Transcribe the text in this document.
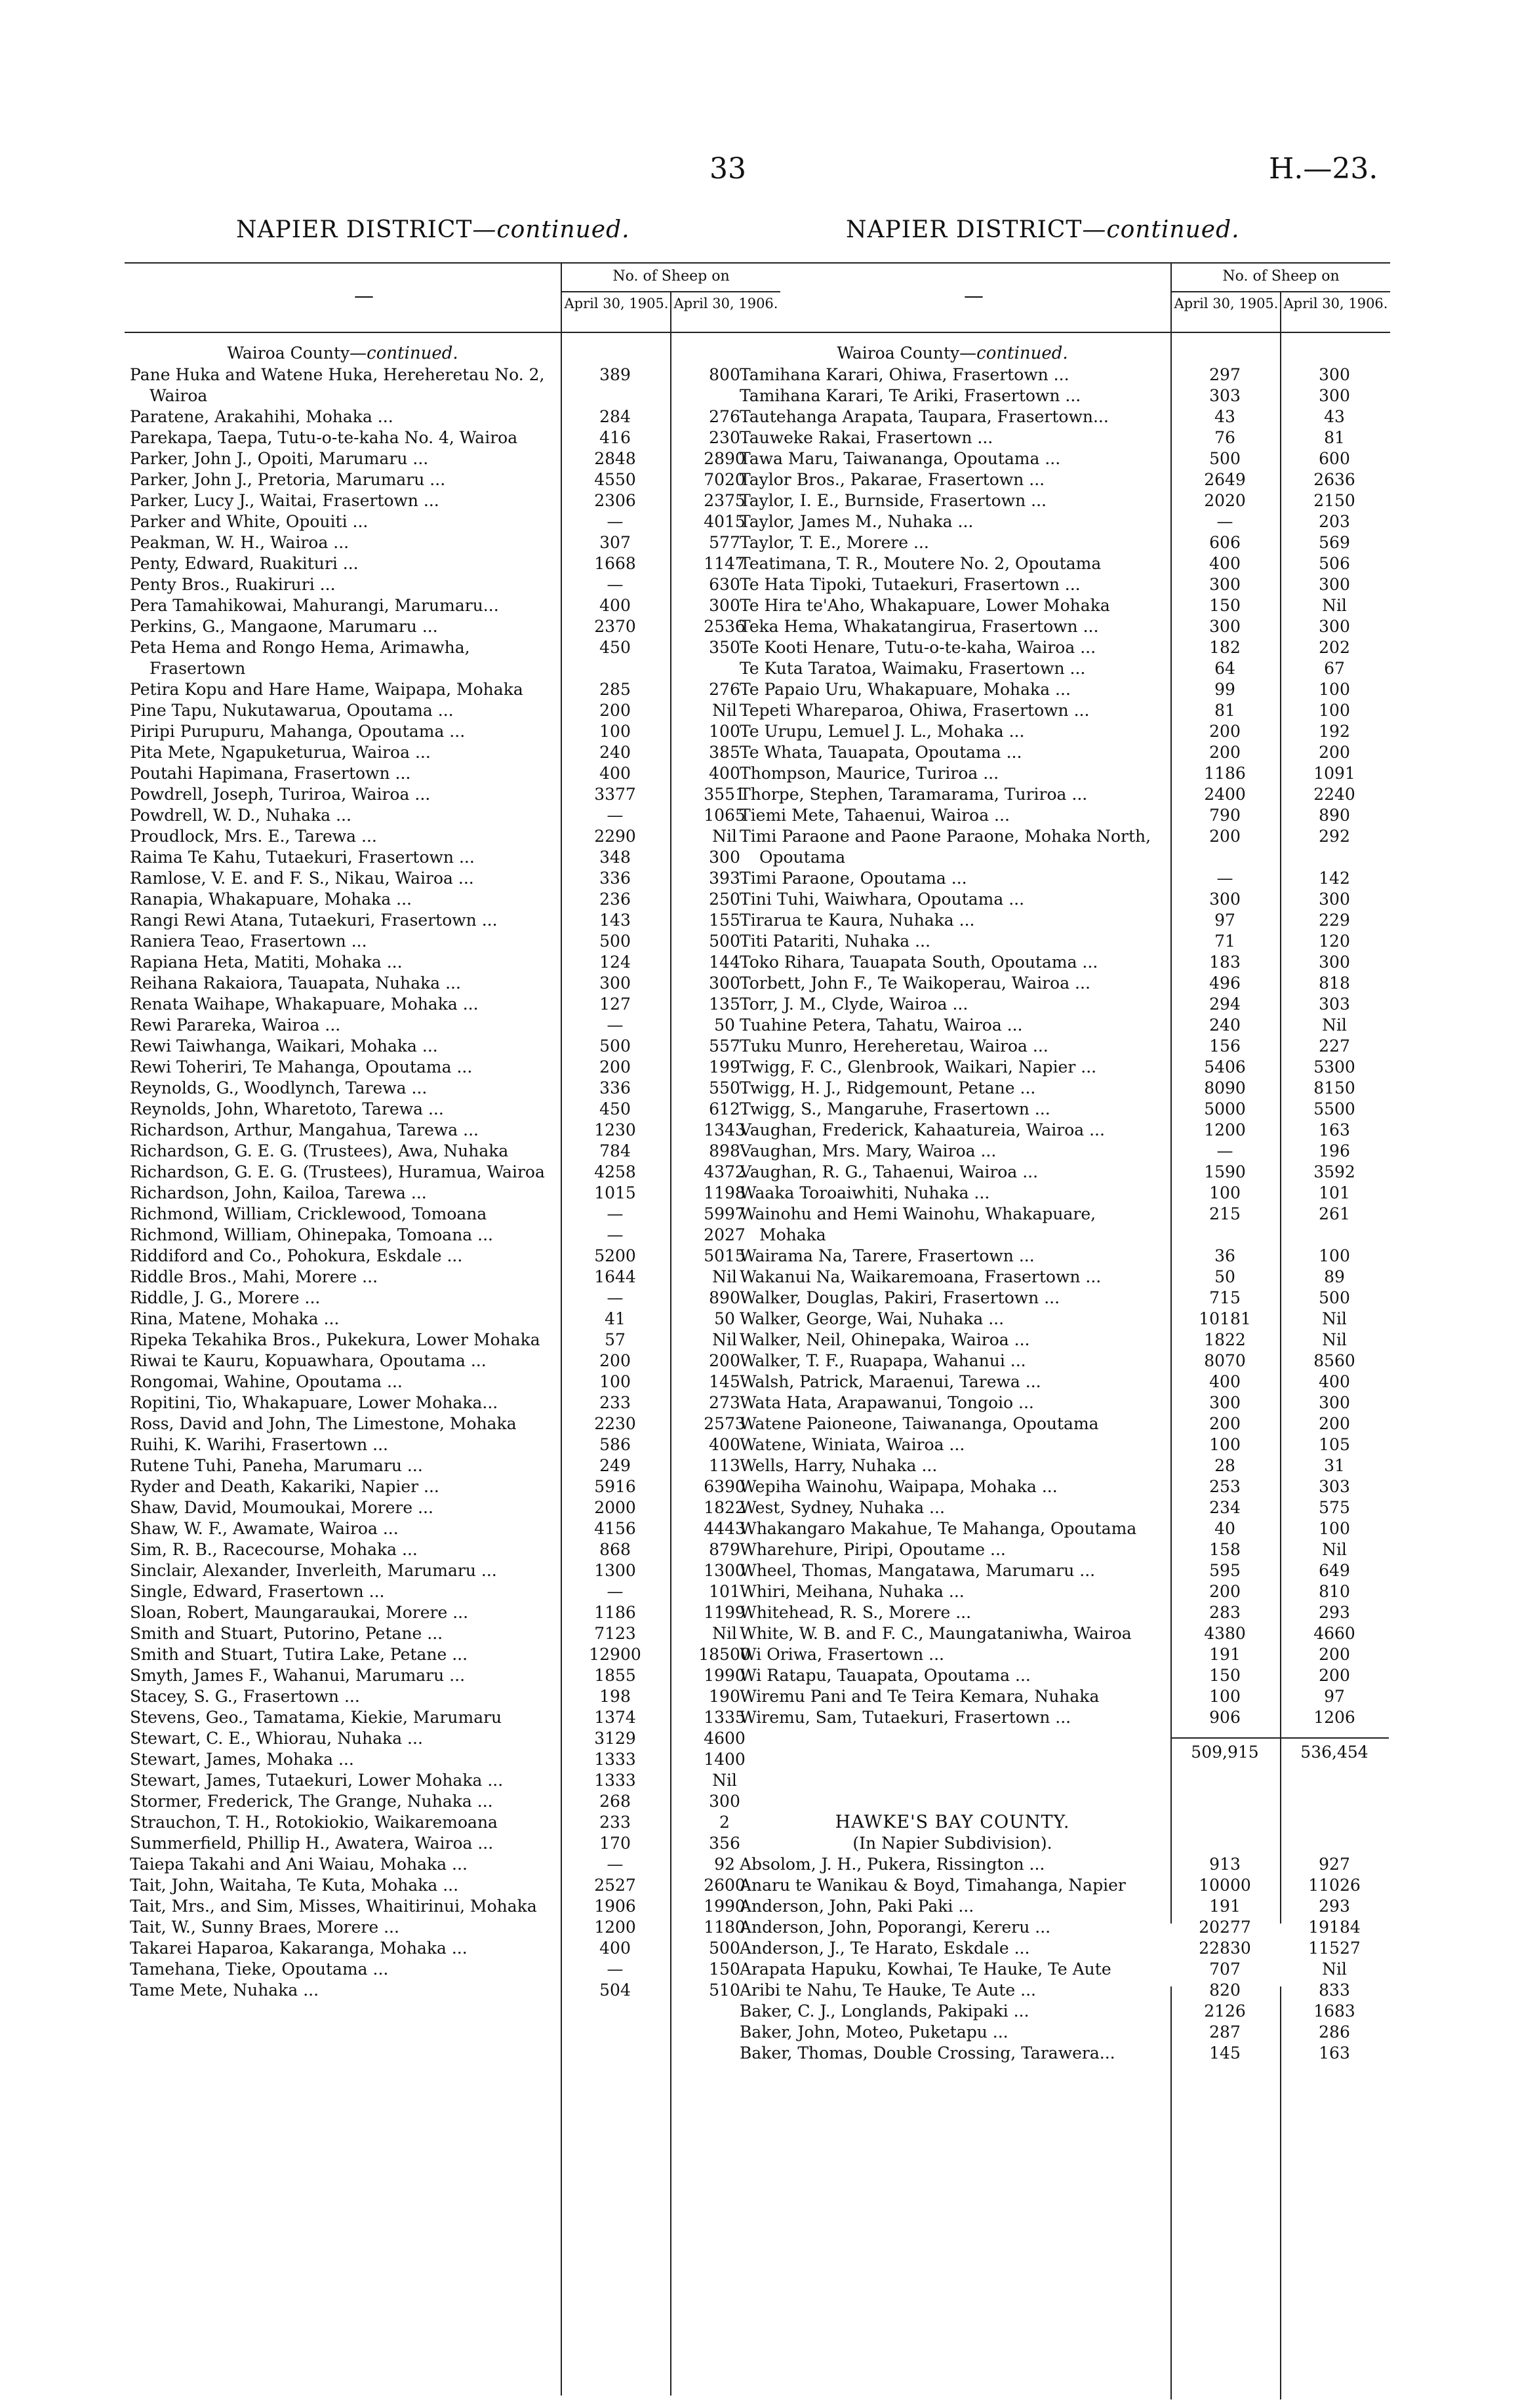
33	H.—23.
NAPIER DISTRICT—continued.
—
No. of Sheep on
April 30, 1905. April 30, 1906.
Wairoa County—continued.
Pane Huka and Watene Huka, Hereheretau No. 2, Wairoa
389	800
Paratene, Arakahihi, Mohaka ...	284	276
Parekapa, Taepa, Tutu-o-te-kaha No. 4, Wairoa	416	230
Parker, John J., Opoiti, Marumaru ...	2848	2890
Parker, John J., Pretoria, Marumaru ...	4550	7020
Parker, Lucy J., Waitai, Frasertown ...	2306	2375
Parker and White, Opouiti ...	—	4015
Peakman, W. H., Wairoa ...	307	577
Penty, Edward, Ruakituri ...	1668	1147
Penty Bros., Ruakiruri ...	—	630
Pera Tamahikowai, Mahurangi, Marumaru...	400	300
Perkins, G., Mangaone, Marumaru ...	2370	2536
Peta Hema and Rongo Hema, Arimawha, Frasertown
450	350
Petira Kopu and Hare Hame, Waipapa, Mohaka	285	276
Pine Tapu, Nukutawarua, Opoutama ...	200	Nil
Piripi Purupuru, Mahanga, Opoutama ...	100	100
Pita Mete, Ngapuketurua, Wairoa ...	240	385
Poutahi Hapimana, Frasertown ...	400	400
Powdrell, Joseph, Turiroa, Wairoa ...	3377	3551
Powdrell, W. D., Nuhaka ...	—	1065
Proudlock, Mrs. E., Tarewa ...	2290	Nil
Raima Te Kahu, Tutaekuri, Frasertown ...	348	300
Ramlose, V. E. and F. S., Nikau, Wairoa ...	336	393
Ranapia, Whakapuare, Mohaka ...	236	250
Rangi Rewi Atana, Tutaekuri, Frasertown ...	143	155
Raniera Teao, Frasertown ...	500	500
Rapiana Heta, Matiti, Mohaka ...	124	144
Reihana Rakaiora, Tauapata, Nuhaka ...	300	300
Renata Waihape, Whakapuare, Mohaka ...	127	135
Rewi Parareka, Wairoa ...	—	50
Rewi Taiwhanga, Waikari, Mohaka ...	500	557
Rewi Toheriri, Te Mahanga, Opoutama ...	200	199
Reynolds, G., Woodlynch, Tarewa ...	336	550
Reynolds, John, Wharetoto, Tarewa ...	450	612
Richardson, Arthur, Mangahua, Tarewa ...	1230	1343
Richardson, G. E. G. (Trustees), Awa, Nuhaka	784	898
Richardson, G. E. G. (Trustees), Huramua, Wairoa	4258	4372
Richardson, John, Kailoa, Tarewa ...	1015	1198
Richmond, William, Cricklewood, Tomoana	—	5997
Richmond, William, Ohinepaka, Tomoana ...	—	2027
Riddiford and Co., Pohokura, Eskdale ...	5200	5015
Riddle Bros., Mahi, Morere ...	1644	Nil
Riddle, J. G., Morere ...	—	890
Rina, Matene, Mohaka ...	41	50
Ripeka Tekahika Bros., Pukekura, Lower Mohaka	57	Nil
Riwai te Kauru, Kopuawhara, Opoutama ...	200	200
Rongomai, Wahine, Opoutama ...	100	145
Ropitini, Tio, Whakapuare, Lower Mohaka...	233	273
Ross, David and John, The Limestone, Mohaka	2230	2573
Ruihi, K. Warihi, Frasertown ...	586	400
Rutene Tuhi, Paneha, Marumaru ...	249	113
Ryder and Death, Kakariki, Napier ...	5916	6390
Shaw, David, Moumoukai, Morere ...	2000	1822
Shaw, W. F., Awamate, Wairoa ...	4156	4443
Sim, R. B., Racecourse, Mohaka ...	868	879
Sinclair, Alexander, Inverleith, Marumaru ...	1300	1300
Single, Edward, Frasertown ...	—	101
Sloan, Robert, Maungaraukai, Morere ...	1186	1199
Smith and Stuart, Putorino, Petane ...	7123	Nil
Smith and Stuart, Tutira Lake, Petane ...	12900	18500
Smyth, James F., Wahanui, Marumaru ...	1855	1990
Stacey, S. G., Frasertown ...	198	190
Stevens, Geo., Tamatama, Kiekie, Marumaru	1374	1335
Stewart, C. E., Whiorau, Nuhaka ...	3129	4600
Stewart, James, Mohaka ...	1333	1400
Stewart, James, Tutaekuri, Lower Mohaka ...	1333	Nil
Stormer, Frederick, The Grange, Nuhaka ...	268	300
Strauchon, T. H., Rotokiokio, Waikaremoana	233	2
Summerfield, Phillip H., Awatera, Wairoa ...	170	356
Taiepa Takahi and Ani Waiau, Mohaka ...	—	92
Tait, John, Waitaha, Te Kuta, Mohaka ...	2527	2600
Tait, Mrs., and Sim, Misses, Whaitirinui, Mohaka	1906	1990
Tait, W., Sunny Braes, Morere ...	1200	1180
Takarei Haparoa, Kakaranga, Mohaka ...	400	500
Tamehana, Tieke, Opoutama ...	—	150
Tame Mete, Nuhaka ...	504	510
NAPIER DISTRICT—continued.
—
No. of Sheep on
April 30, 1905. April 30, 1906.
Wairoa County—continued.
Tamihana Karari, Ohiwa, Frasertown ...	297	300
Tamihana Karari, Te Ariki, Frasertown ...	303	300
Tautehanga Arapata, Taupara, Frasertown...	43	43
Tauweke Rakai, Frasertown ...	76	81
Tawa Maru, Taiwananga, Opoutama ...	500	600
Taylor Bros., Pakarae, Frasertown ...	2649	2636
Taylor, I. E., Burnside, Frasertown ...	2020	2150
Taylor, James M., Nuhaka ...	—	203
Taylor, T. E., Morere ...	606	569
Teatimana, T. R., Moutere No. 2, Opoutama	400	506
Te Hata Tipoki, Tutaekuri, Frasertown ...	300	300
Te Hira te'Aho, Whakapuare, Lower Mohaka	150	Nil
Teka Hema, Whakatangirua, Frasertown ...	300	300
Te Kooti Henare, Tutu-o-te-kaha, Wairoa ...	182	202
Te Kuta Taratoa, Waimaku, Frasertown ...	64	67
Te Papaio Uru, Whakapuare, Mohaka ...	99	100
Tepeti Whareparoa, Ohiwa, Frasertown ...	81	100
Te Urupu, Lemuel J. L., Mohaka ...	200	192
Te Whata, Tauapata, Opoutama ...	200	200
Thompson, Maurice, Turiroa ...	1186	1091
Thorpe, Stephen, Taramarama, Turiroa ...	2400	2240
Tiemi Mete, Tahaenui, Wairoa ...	790	890
Timi Paraone and Paone Paraone, Mohaka North, Opoutama
200	292
Timi Paraone, Opoutama ...	—	142
Tini Tuhi, Waiwhara, Opoutama ...	300	300
Tirarua te Kaura, Nuhaka ...	97	229
Titi Patariti, Nuhaka ...	71	120
Toko Rihara, Tauapata South, Opoutama ...	183	300
Torbett, John F., Te Waikoperau, Wairoa ...	496	818
Torr, J. M., Clyde, Wairoa ...	294	303
Tuahine Petera, Tahatu, Wairoa ...	240	Nil
Tuku Munro, Hereheretau, Wairoa ...	156	227
Twigg, F. C., Glenbrook, Waikari, Napier ...	5406	5300
Twigg, H. J., Ridgemount, Petane ...	8090	8150
Twigg, S., Mangaruhe, Frasertown ...	5000	5500
Vaughan, Frederick, Kahaatureia, Wairoa ...	1200	163
Vaughan, Mrs. Mary, Wairoa ...	—	196
Vaughan, R. G., Tahaenui, Wairoa ...	1590	3592
Waaka Toroaiwhiti, Nuhaka ...	100	101
Wainohu and Hemi Wainohu, Whakapuare, Mohaka
215	261
Wairama Na, Tarere, Frasertown ...	36	100
Wakanui Na, Waikaremoana, Frasertown ...	50	89
Walker, Douglas, Pakiri, Frasertown ...	715	500
Walker, George, Wai, Nuhaka ...	10181	Nil
Walker, Neil, Ohinepaka, Wairoa ...	1822	Nil
Walker, T. F., Ruapapa, Wahanui ...	8070	8560
Walsh, Patrick, Maraenui, Tarewa ...	400	400
Wata Hata, Arapawanui, Tongoio ...	300	300
Watene Paioneone, Taiwananga, Opoutama	200	200
Watene, Winiata, Wairoa ...	100	105
Wells, Harry, Nuhaka ...	28	31
Wepiha Wainohu, Waipapa, Mohaka ...	253	303
West, Sydney, Nuhaka ...	234	575
Whakangaro Makahue, Te Mahanga, Opoutama	40	100
Wharehure, Piripi, Opoutame ...	158	Nil
Wheel, Thomas, Mangatawa, Marumaru ...	595	649
Whiri, Meihana, Nuhaka ...	200	810
Whitehead, R. S., Morere ...	283	293
White, W. B. and F. C., Maungataniwha, Wairoa	4380	4660
Wi Oriwa, Frasertown ...	191	200
Wi Ratapu, Tauapata, Opoutama ...	150	200
Wiremu Pani and Te Teira Kemara, Nuhaka	100	97
Wiremu, Sam, Tutaekuri, Frasertown ...	906	1206
509,915	536,454
HAWKE'S BAY COUNTY.
(In Napier Subdivision).
Absolom, J. H., Pukera, Rissington ...	913	927
Anaru te Wanikau & Boyd, Timahanga, Napier	10000	11026
Anderson, John, Paki Paki ...	191	293
Anderson, John, Poporangi, Kereru ...	20277	19184
Anderson, J., Te Harato, Eskdale ...	22830	11527
Arapata Hapuku, Kowhai, Te Hauke, Te Aute	707	Nil
Aribi te Nahu, Te Hauke, Te Aute ...	820	833
Baker, C. J., Longlands, Pakipaki ...	2126	1683
Baker, John, Moteo, Puketapu ...	287	286
Baker, Thomas, Double Crossing, Tarawera...	145	163
